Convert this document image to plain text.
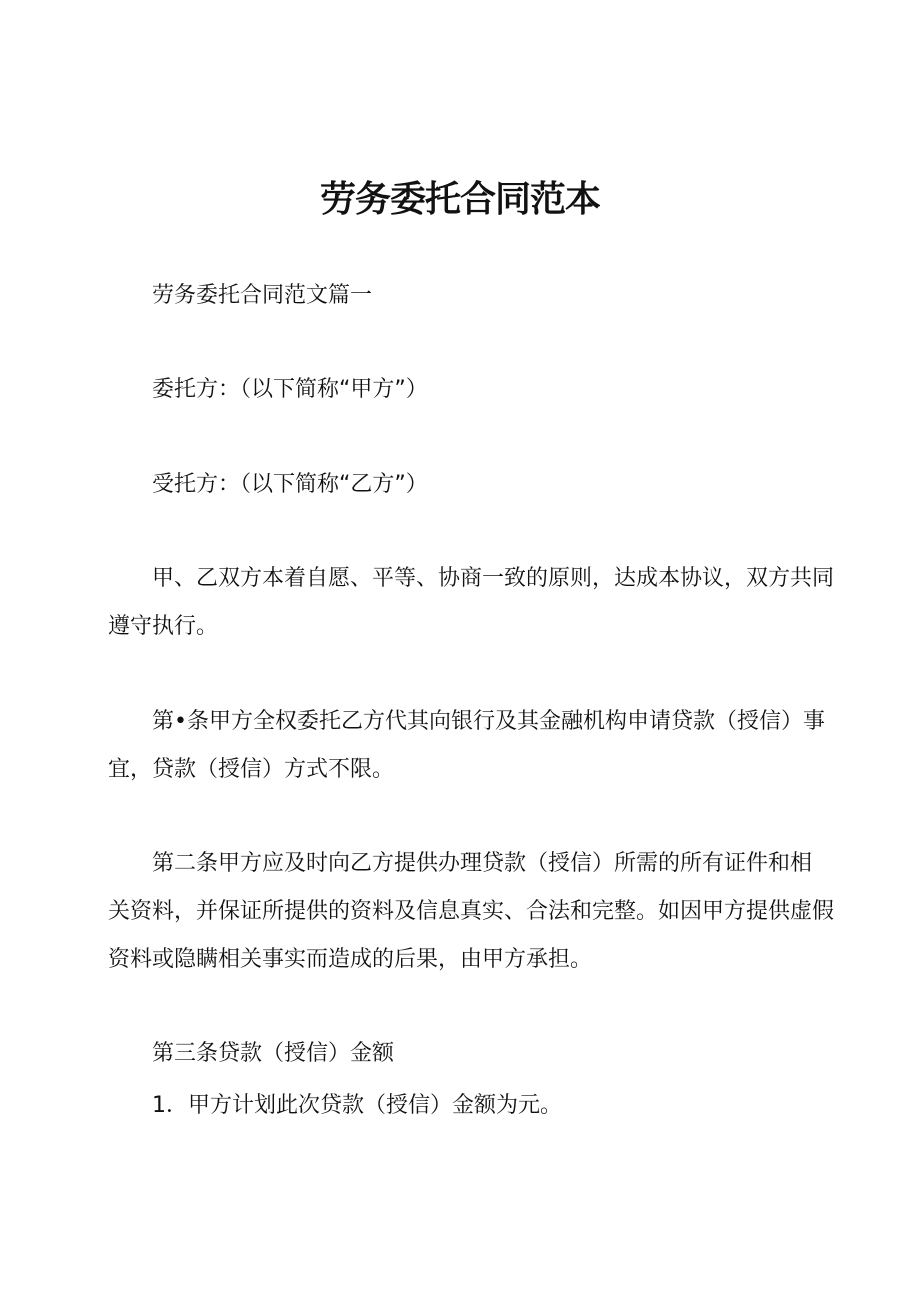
劳务委托合同范本
劳务委托合同范文篇一
委托方：（以下简称“甲方”）
受托方：（以下简称“乙方”）
甲、乙双方本着自愿、平等、协商一致的原则，达成本协议，双方共同
遵守执行。
第•条甲方全权委托乙方代其向银行及其金融机构申请贷款（授信）事
宜，贷款（授信）方式不限。
第二条甲方应及时向乙方提供办理贷款（授信）所需的所有证件和相
关资料，并保证所提供的资料及信息真实、合法和完整。如因甲方提供虚假
资料或隐瞒相关事实而造成的后果，由甲方承担。
第三条贷款（授信）金额
1．甲方计划此次贷款（授信）金额为元。
